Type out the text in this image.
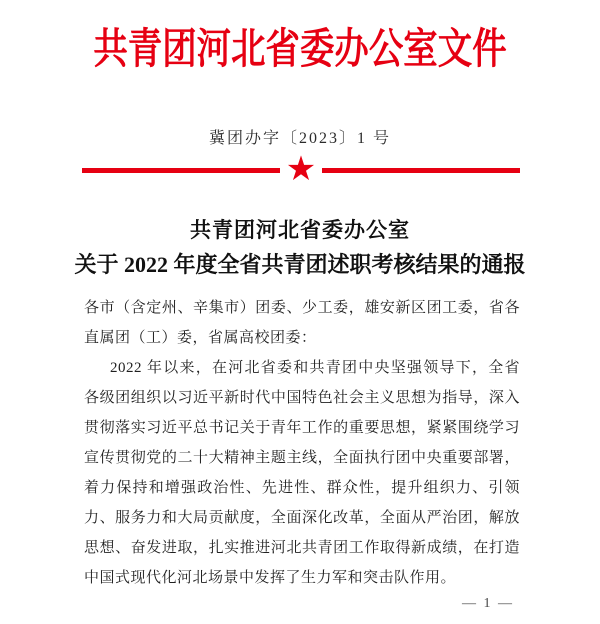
共青团河北省委办公室文件
冀团办字〔2023〕1 号
★
共青团河北省委办公室
关于 2022 年度全省共青团述职考核结果的通报
各市（含定州、辛集市）团委、少工委，雄安新区团工委，省各
直属团（工）委，省属高校团委：
2022 年以来，在河北省委和共青团中央坚强领导下，全省
各级团组织以习近平新时代中国特色社会主义思想为指导，深入
贯彻落实习近平总书记关于青年工作的重要思想，紧紧围绕学习
宣传贯彻党的二十大精神主题主线，全面执行团中央重要部署，
着力保持和增强政治性、先进性、群众性，提升组织力、引领
力、服务力和大局贡献度，全面深化改革，全面从严治团，解放
思想、奋发进取，扎实推进河北共青团工作取得新成绩，在打造
中国式现代化河北场景中发挥了生力军和突击队作用。
— 1 —
